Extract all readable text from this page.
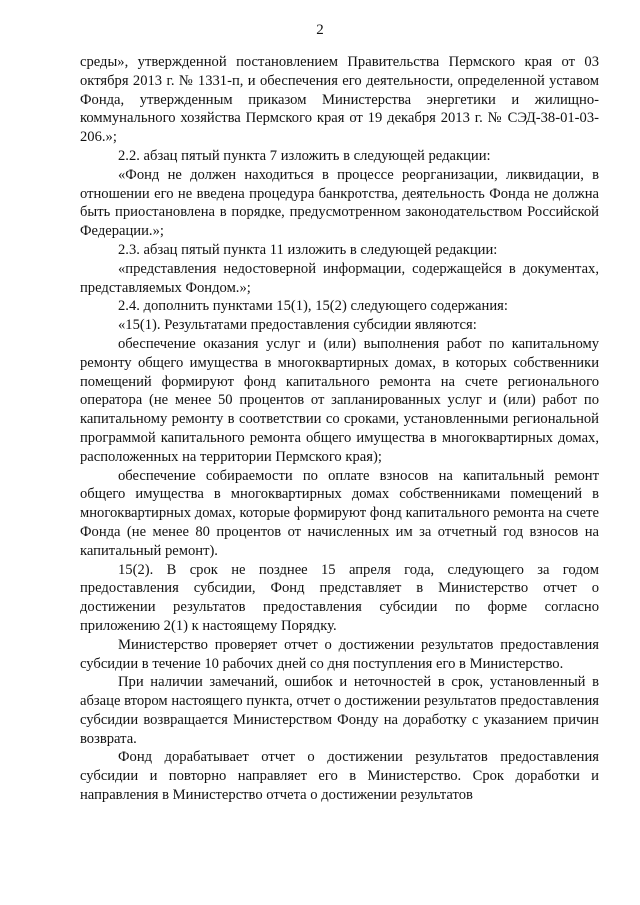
2

среды», утвержденной постановлением Правительства Пермского края от 03 октября 2013 г. № 1331-п, и обеспечения его деятельности, определенной уставом Фонда, утвержденным приказом Министерства энергетики и жилищно-коммунального хозяйства Пермского края от 19 декабря 2013 г. № СЭД-38-01-03-206.»;

2.2. абзац пятый пункта 7 изложить в следующей редакции:

«Фонд не должен находиться в процессе реорганизации, ликвидации, в отношении его не введена процедура банкротства, деятельность Фонда не должна быть приостановлена в порядке, предусмотренном законодательством Российской Федерации.»;

2.3. абзац пятый пункта 11 изложить в следующей редакции:

«представления недостоверной информации, содержащейся в документах, представляемых Фондом.»;

2.4. дополнить пунктами 15(1), 15(2) следующего содержания:

«15(1). Результатами предоставления субсидии являются:

обеспечение оказания услуг и (или) выполнения работ по капитальному ремонту общего имущества в многоквартирных домах, в которых собственники помещений формируют фонд капитального ремонта на счете регионального оператора (не менее 50 процентов от запланированных услуг и (или) работ по капитальному ремонту в соответствии со сроками, установленными региональной программой капитального ремонта общего имущества в многоквартирных домах, расположенных на территории Пермского края);

обеспечение собираемости по оплате взносов на капитальный ремонт общего имущества в многоквартирных домах собственниками помещений в многоквартирных домах, которые формируют фонд капитального ремонта на счете Фонда (не менее 80 процентов от начисленных им за отчетный год взносов на капитальный ремонт).

15(2). В срок не позднее 15 апреля года, следующего за годом предоставления субсидии, Фонд представляет в Министерство отчет о достижении результатов предоставления субсидии по форме согласно приложению 2(1) к настоящему Порядку.

Министерство проверяет отчет о достижении результатов предоставления субсидии в течение 10 рабочих дней со дня поступления его в Министерство.

При наличии замечаний, ошибок и неточностей в срок, установленный в абзаце втором настоящего пункта, отчет о достижении результатов предоставления субсидии возвращается Министерством Фонду на доработку с указанием причин возврата.

Фонд дорабатывает отчет о достижении результатов предоставления субсидии и повторно направляет его в Министерство. Срок доработки и направления в Министерство отчета о достижении результатов
